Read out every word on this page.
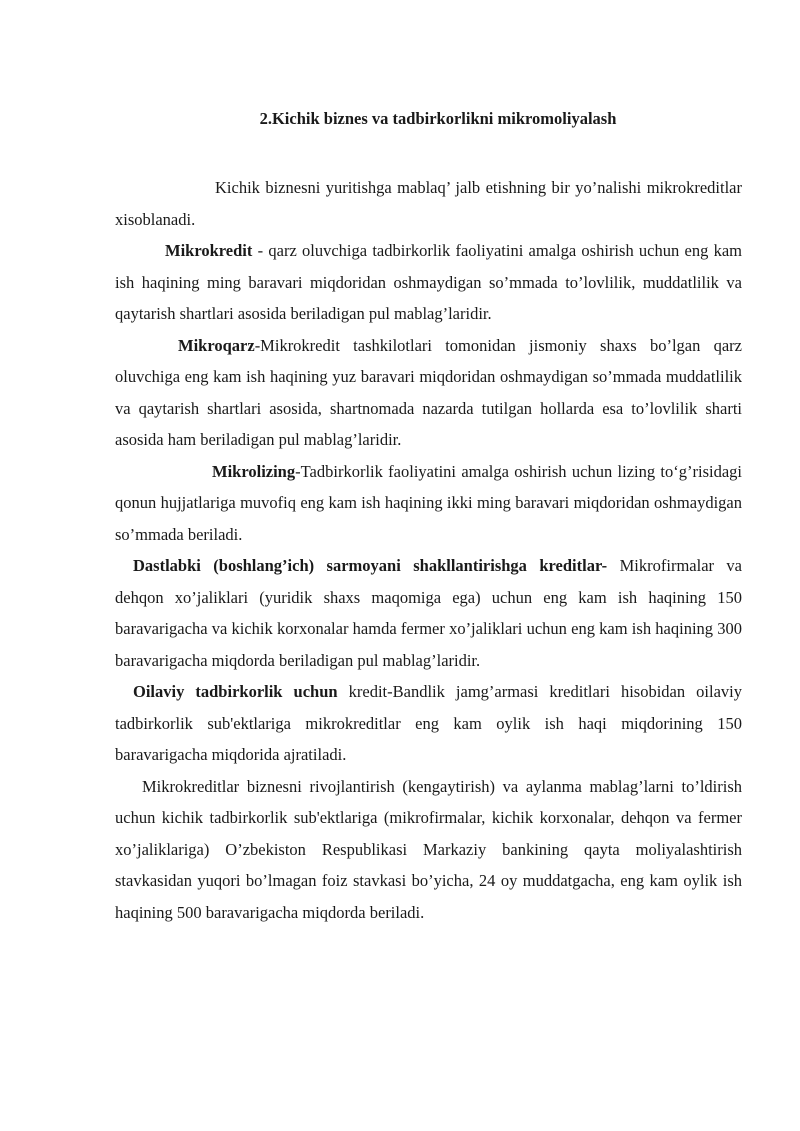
2.Kichik biznes va tadbirkorlikni mikromoliyalash

Kichik biznesni yuritishga mablaq’ jalb etishning bir yo’nalishi mikrokreditlar xisoblanadi.

Mikrokredit - qarz oluvchiga tadbirkorlik faoliyatini amalga oshirish uchun eng kam ish haqining ming baravari miqdoridan oshmaydigan so’mmada to’lovlilik, muddatlilik va qaytarish shartlari asosida beriladigan pul mablag’laridir.

Mikroqarz-Mikrokredit tashkilotlari tomonidan jismoniy shaxs bo’lgan qarz oluvchiga eng kam ish haqining yuz baravari miqdoridan oshmaydigan so’mmada muddatlilik va qaytarish shartlari asosida, shartnomada nazarda tutilgan hollarda esa to’lovlilik sharti asosida ham beriladigan pul mablag’laridir.

Mikrolizing-Tadbirkorlik faoliyatini amalga oshirish uchun lizing to‘g’risidagi qonun hujjatlariga muvofiq eng kam ish haqining ikki ming baravari miqdoridan oshmaydigan so’mmada beriladi.

Dastlabki (boshlang’ich) sarmoyani shakllantirishga kreditlar- Mikrofirmalar va dehqon xo’jaliklari (yuridik shaxs maqomiga ega) uchun eng kam ish haqining 150 baravarigacha va kichik korxonalar hamda fermer xo’jaliklari uchun eng kam ish haqining 300 baravarigacha miqdorda beriladigan pul mablag’laridir.

Oilaviy tadbirkorlik uchun kredit-Bandlik jamg’armasi kreditlari hisobidan oilaviy tadbirkorlik sub'ektlariga mikrokreditlar eng kam oylik ish haqi miqdorining 150 baravarigacha miqdorida ajratiladi.

Mikrokreditlar biznesni rivojlantirish (kengaytirish) va aylanma mablag’larni to’ldirish uchun kichik tadbirkorlik sub'ektlariga (mikrofirmalar, kichik korxonalar, dehqon va fermer xo’jaliklariga) O’zbekiston Respublikasi Markaziy bankining qayta moliyalashtirish stavkasidan yuqori bo’lmagan foiz stavkasi bo’yicha, 24 oy muddatgacha, eng kam oylik ish haqining 500 baravarigacha miqdorda beriladi.
